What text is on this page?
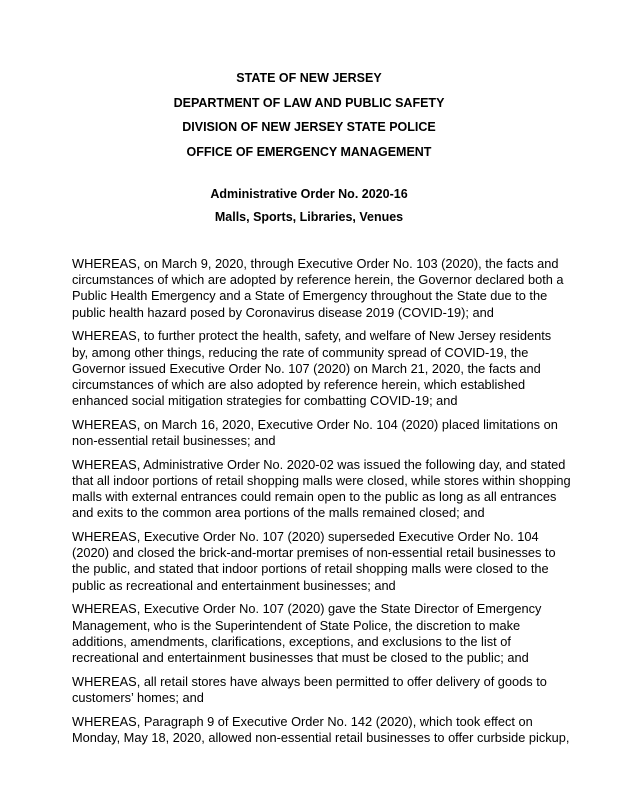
STATE OF NEW JERSEY
DEPARTMENT OF LAW AND PUBLIC SAFETY
DIVISION OF NEW JERSEY STATE POLICE
OFFICE OF EMERGENCY MANAGEMENT
Administrative Order No. 2020-16
Malls, Sports, Libraries, Venues
WHEREAS, on March 9, 2020, through Executive Order No. 103 (2020), the facts and
circumstances of which are adopted by reference herein, the Governor declared both a
Public Health Emergency and a State of Emergency throughout the State due to the
public health hazard posed by Coronavirus disease 2019 (COVID-19); and
WHEREAS, to further protect the health, safety, and welfare of New Jersey residents
by, among other things, reducing the rate of community spread of COVID-19, the
Governor issued Executive Order No. 107 (2020) on March 21, 2020, the facts and
circumstances of which are also adopted by reference herein, which established
enhanced social mitigation strategies for combatting COVID-19; and
WHEREAS, on March 16, 2020, Executive Order No. 104 (2020) placed limitations on
non-essential retail businesses; and
WHEREAS, Administrative Order No. 2020-02 was issued the following day, and stated
that all indoor portions of retail shopping malls were closed, while stores within shopping
malls with external entrances could remain open to the public as long as all entrances
and exits to the common area portions of the malls remained closed; and
WHEREAS, Executive Order No. 107 (2020) superseded Executive Order No. 104
(2020) and closed the brick-and-mortar premises of non-essential retail businesses to
the public, and stated that indoor portions of retail shopping malls were closed to the
public as recreational and entertainment businesses; and
WHEREAS, Executive Order No. 107 (2020) gave the State Director of Emergency
Management, who is the Superintendent of State Police, the discretion to make
additions, amendments, clarifications, exceptions, and exclusions to the list of
recreational and entertainment businesses that must be closed to the public; and
WHEREAS, all retail stores have always been permitted to offer delivery of goods to
customers’ homes; and
WHEREAS, Paragraph 9 of Executive Order No. 142 (2020), which took effect on
Monday, May 18, 2020, allowed non-essential retail businesses to offer curbside pickup,
